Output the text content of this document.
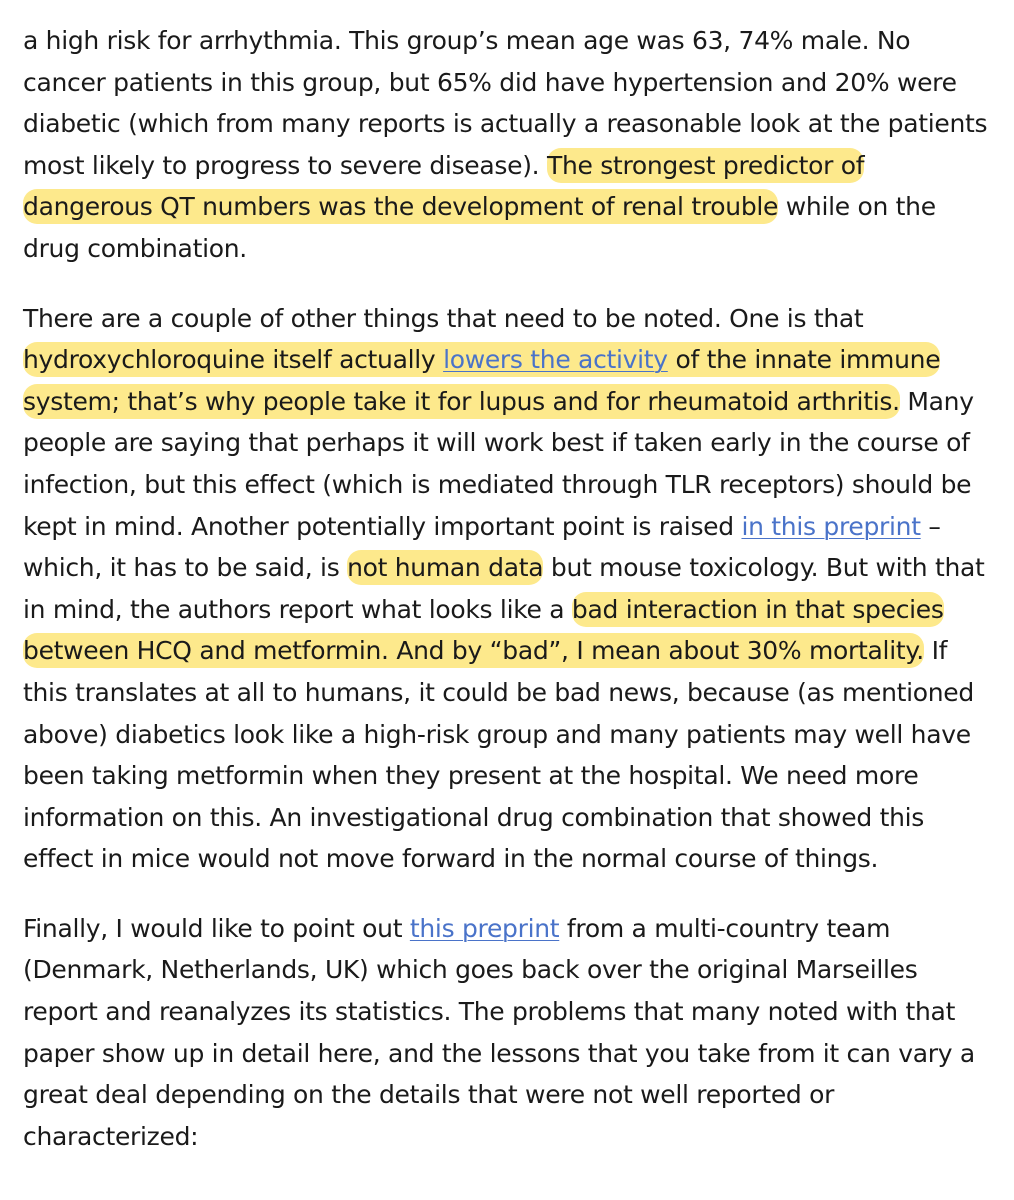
a high risk for arrhythmia. This group’s mean age was 63, 74% male. No cancer patients in this group, but 65% did have hypertension and 20% were diabetic (which from many reports is actually a reasonable look at the patients most likely to progress to severe disease). The strongest predictor of dangerous QT numbers was the development of renal trouble while on the drug combination.

There are a couple of other things that need to be noted. One is that hydroxychloroquine itself actually lowers the activity of the innate immune system; that’s why people take it for lupus and for rheumatoid arthritis. Many people are saying that perhaps it will work best if taken early in the course of infection, but this effect (which is mediated through TLR receptors) should be kept in mind. Another potentially important point is raised in this preprint – which, it has to be said, is not human data but mouse toxicology. But with that in mind, the authors report what looks like a bad interaction in that species between HCQ and metformin. And by “bad”, I mean about 30% mortality. If this translates at all to humans, it could be bad news, because (as mentioned above) diabetics look like a high-risk group and many patients may well have been taking metformin when they present at the hospital. We need more information on this. An investigational drug combination that showed this effect in mice would not move forward in the normal course of things.

Finally, I would like to point out this preprint from a multi-country team (Denmark, Netherlands, UK) which goes back over the original Marseilles report and reanalyzes its statistics. The problems that many noted with that paper show up in detail here, and the lessons that you take from it can vary a great deal depending on the details that were not well reported or characterized:
